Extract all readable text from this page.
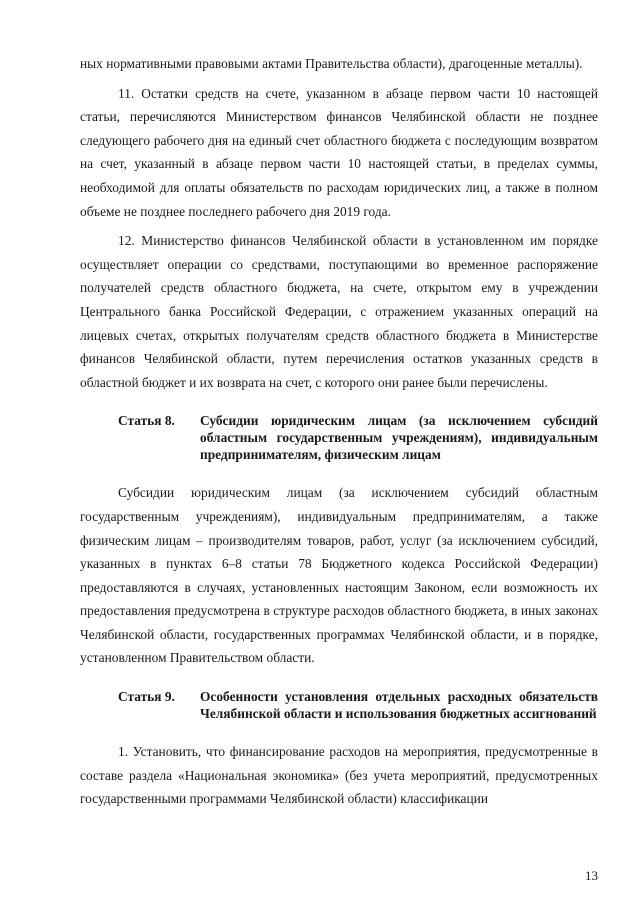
ных нормативными правовыми актами Правительства области), драгоценные металлы).

11. Остатки средств на счете, указанном в абзаце первом части 10 настоящей статьи, перечисляются Министерством финансов Челябинской области не позднее следующего рабочего дня на единый счет областного бюджета с последующим возвратом на счет, указанный в абзаце первом части 10 настоящей статьи, в пределах суммы, необходимой для оплаты обязательств по расходам юридических лиц, а также в полном объеме не позднее последнего рабочего дня 2019 года.

12. Министерство финансов Челябинской области в установленном им порядке осуществляет операции со средствами, поступающими во временное распоряжение получателей средств областного бюджета, на счете, открытом ему в учреждении Центрального банка Российской Федерации, с отражением указанных операций на лицевых счетах, открытых получателям средств областного бюджета в Министерстве финансов Челябинской области, путем перечисления остатков указанных средств в областной бюджет и их возврата на счет, с которого они ранее были перечислены.

Статья 8.	Субсидии юридическим лицам (за исключением субсидий областным государственным учреждениям), индивидуальным предпринимателям, физическим лицам

Субсидии юридическим лицам (за исключением субсидий областным государственным учреждениям), индивидуальным предпринимателям, а также физическим лицам – производителям товаров, работ, услуг (за исключением субсидий, указанных в пунктах 6–8 статьи 78 Бюджетного кодекса Российской Федерации) предоставляются в случаях, установленных настоящим Законом, если возможность их предоставления предусмотрена в структуре расходов областного бюджета, в иных законах Челябинской области, государственных программах Челябинской области, и в порядке, установленном Правительством области.

Статья 9.	Особенности установления отдельных расходных обязательств Челябинской области и использования бюджетных ассигнований

1. Установить, что финансирование расходов на мероприятия, предусмотренные в составе раздела «Национальная экономика» (без учета мероприятий, предусмотренных государственными программами Челябинской области) классификации

13
